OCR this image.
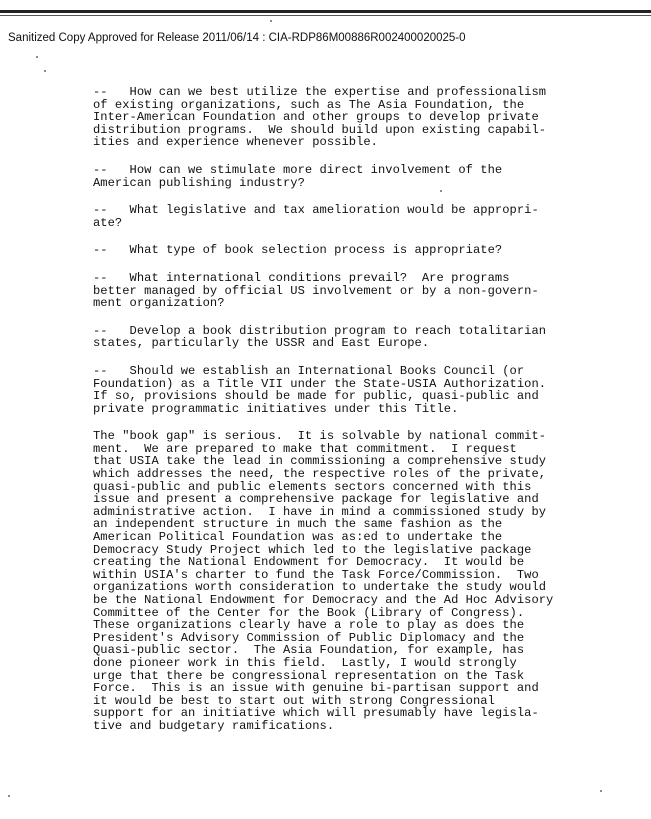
Sanitized Copy Approved for Release 2011/06/14 : CIA-RDP86M00886R002400020025-0

--   How can we best utilize the expertise and professionalism
of existing organizations, such as The Asia Foundation, the
Inter-American Foundation and other groups to develop private
distribution programs.  We should build upon existing capabil-
ities and experience whenever possible.

--   How can we stimulate more direct involvement of the
American publishing industry?

--   What legislative and tax amelioration would be appropri-
ate?

--   What type of book selection process is appropriate?

--   What international conditions prevail?  Are programs
better managed by official US involvement or by a non-govern-
ment organization?

--   Develop a book distribution program to reach totalitarian
states, particularly the USSR and East Europe.

--   Should we establish an International Books Council (or
Foundation) as a Title VII under the State-USIA Authorization.
If so, provisions should be made for public, quasi-public and
private programmatic initiatives under this Title.

The "book gap" is serious.  It is solvable by national commit-
ment.  We are prepared to make that commitment.  I request
that USIA take the lead in commissioning a comprehensive study
which addresses the need, the respective roles of the private,
quasi-public and public elements sectors concerned with this
issue and present a comprehensive package for legislative and
administrative action.  I have in mind a commissioned study by
an independent structure in much the same fashion as the
American Political Foundation was as:ed to undertake the
Democracy Study Project which led to the legislative package
creating the National Endowment for Democracy.  It would be
within USIA's charter to fund the Task Force/Commission.  Two
organizations worth consideration to undertake the study would
be the National Endowment for Democracy and the Ad Hoc Advisory
Committee of the Center for the Book (Library of Congress).
These organizations clearly have a role to play as does the
President's Advisory Commission of Public Diplomacy and the
Quasi-public sector.  The Asia Foundation, for example, has
done pioneer work in this field.  Lastly, I would strongly
urge that there be congressional representation on the Task
Force.  This is an issue with genuine bi-partisan support and
it would be best to start out with strong Congressional
support for an initiative which will presumably have legisla-
tive and budgetary ramifications.
